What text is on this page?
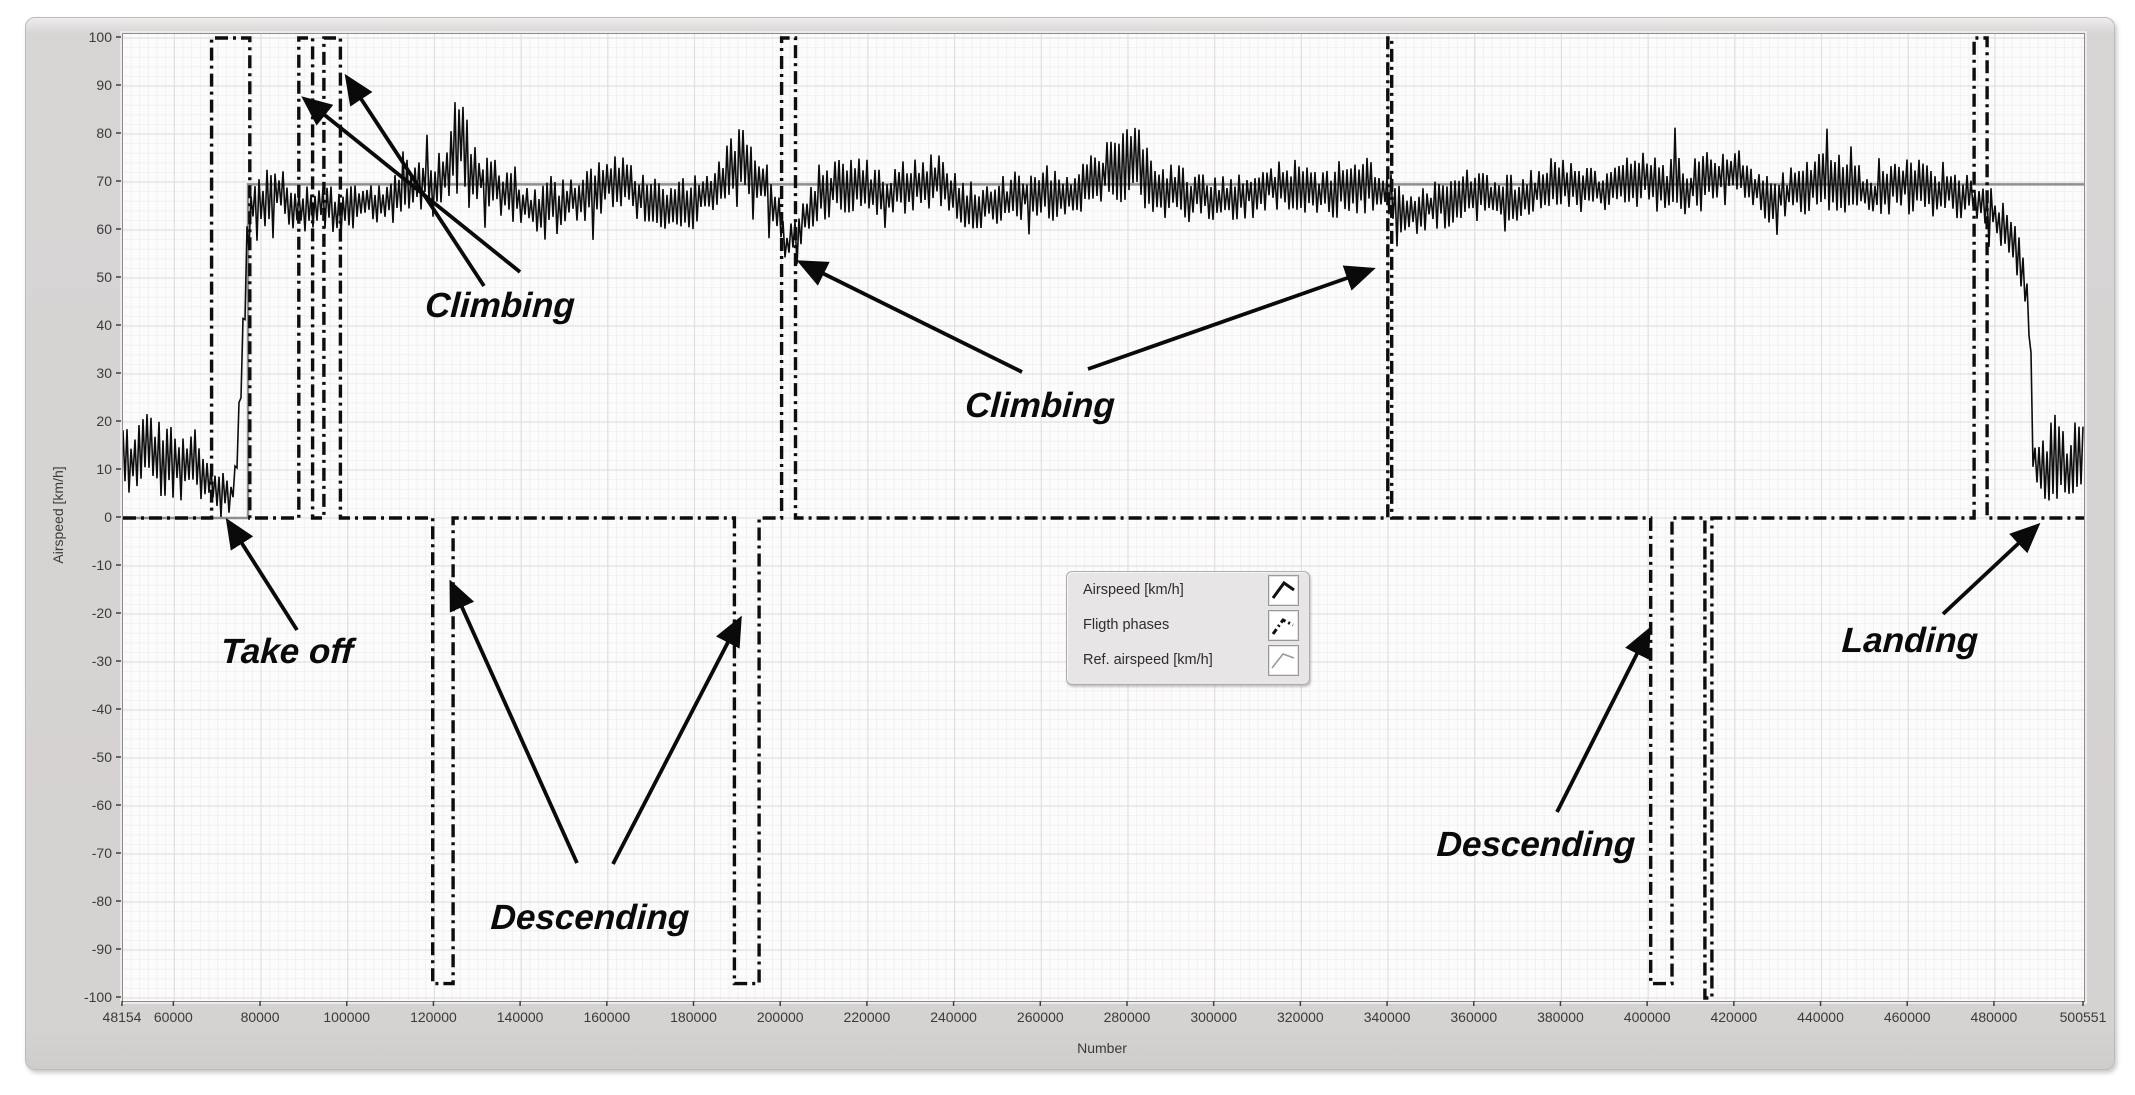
Airspeed [km/h]
Number
100
90
80
70
60
50
40
30
20
10
0
-10
-20
-30
-40
-50
-60
-70
-80
-90
-100
48154 60000	80000	100000	120000	140000	160000	180000	200000	220000	240000	260000	280000	300000	320000	340000	360000	380000	400000	420000	440000	460000	480000	500551
Airspeed [km/h]
Fligth phases
Ref. airspeed [km/h]
Climbing
Take off
Climbing
Descending
Descending
Landing
